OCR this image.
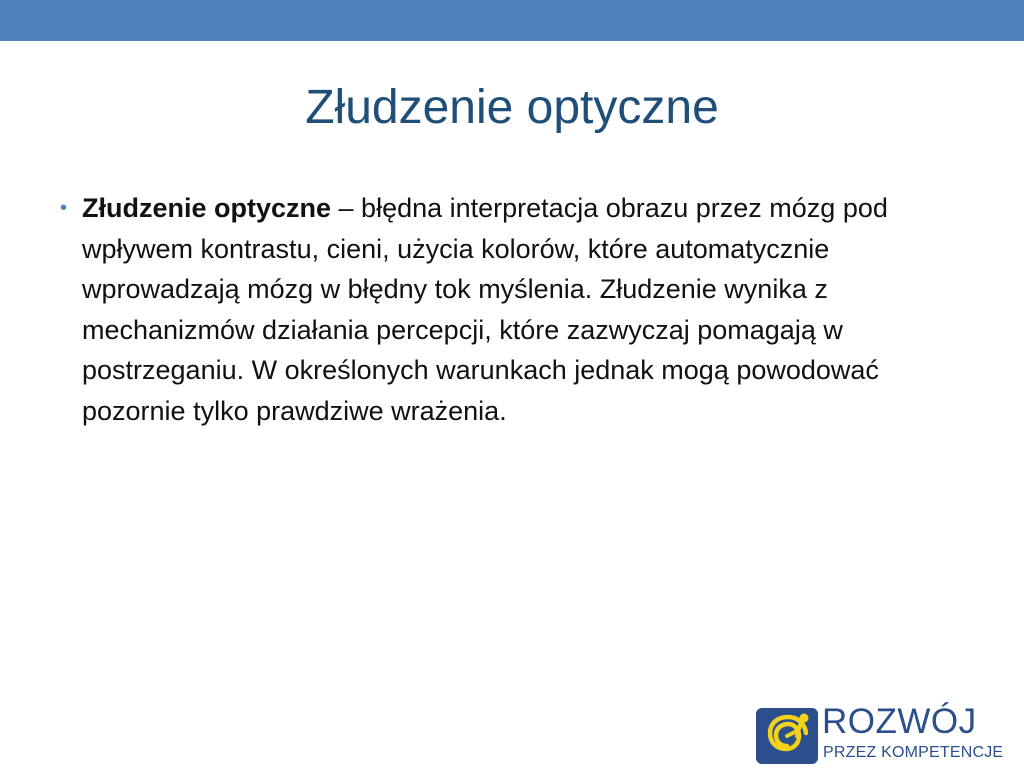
Złudzenie optyczne
• Złudzenie optyczne – błędna interpretacja obrazu przez mózg pod wpływem kontrastu, cieni, użycia kolorów, które automatycznie wprowadzają mózg w błędny tok myślenia. Złudzenie wynika z mechanizmów działania percepcji, które zazwyczaj pomagają w postrzeganiu. W określonych warunkach jednak mogą powodować pozornie tylko prawdziwe wrażenia.
ROZWÓJ
PRZEZ KOMPETENCJE
